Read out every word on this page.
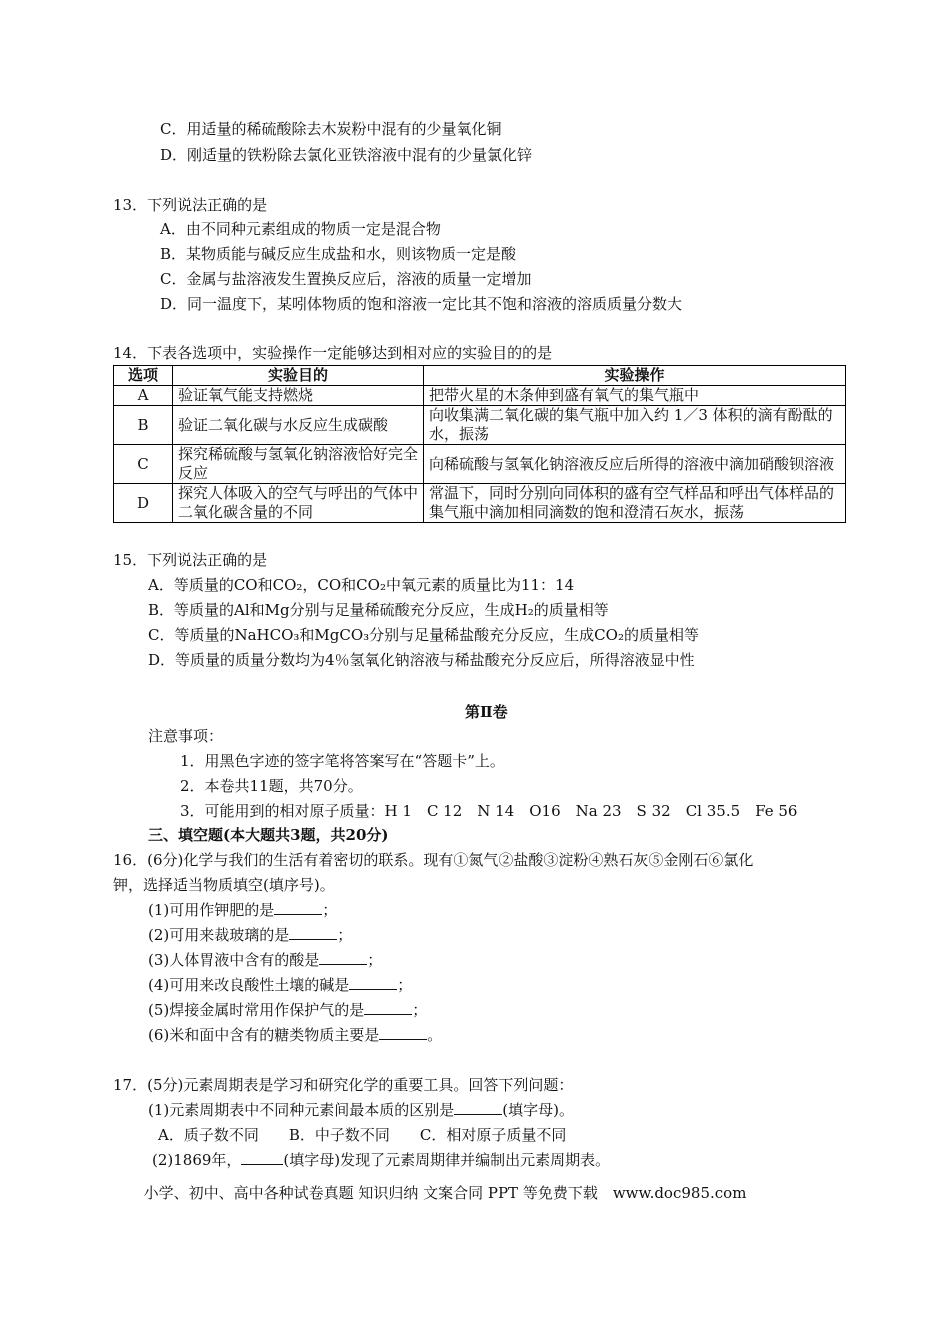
C．用适量的稀硫酸除去木炭粉中混有的少量氧化铜
D．刚适量的铁粉除去氯化亚铁溶液中混有的少量氯化锌
13．下列说法正确的是
A．由不同种元素组成的物质一定是混合物
B．某物质能与碱反应生成盐和水，则该物质一定是酸
C．金属与盐溶液发生置换反应后，溶液的质量一定增加
D．同一温度下，某吲体物质的饱和溶液一定比其不饱和溶液的溶质质量分数大
14．下表各选项中，实验操作一定能够达到相对应的实验目的的是
选项	实验目的	实验操作
A	验证氧气能支持燃烧	把带火星的木条伸到盛有氧气的集气瓶中
B	验证二氧化碳与水反应生成碳酸	向收集满二氧化碳的集气瓶中加入约 1／3 体积的滴有酚酞的水，振荡
C	探究稀硫酸与氢氧化钠溶液恰好完全反应	向稀硫酸与氢氧化钠溶液反应后所得的溶液中滴加硝酸钡溶液
D	探究人体吸入的空气与呼出的气体中二氧化碳含量的不同	常温下，同时分别向同体积的盛有空气样品和呼出气体样品的集气瓶中滴加相同滴数的饱和澄清石灰水，振荡
15．下列说法正确的是
A．等质量的CO和CO₂，CO和CO₂中氧元素的质量比为11：14
B．等质量的Al和Mg分别与足量稀硫酸充分反应，生成H₂的质量相等
C．等质量的NaHCO₃和MgCO₃分别与足量稀盐酸充分反应，生成CO₂的质量相等
D．等质量的质量分数均为4％氢氧化钠溶液与稀盐酸充分反应后，所得溶液显中性
第Ⅱ卷
注意事项：
1．用黑色字迹的签字笔将答案写在“答题卡”上。
2．本卷共11题，共70分。
3．可能用到的相对原子质量：H 1　C 12　N 14　O16　Na 23　S 32　Cl 35.5　Fe 56
三、填空题(本大题共3题，共20分)
16．(6分)化学与我们的生活有着密切的联系。现有①氮气②盐酸③淀粉④熟石灰⑤金刚石⑥氯化
钾，选择适当物质填空(填序号)。
(1)可用作钾肥的是	；
(2)可用来裁玻璃的是	；
(3)人体胃液中含有的酸是	；
(4)可用来改良酸性土壤的碱是	；
(5)焊接金属时常用作保护气的是	；
(6)米和面中含有的糖类物质主要是	。
17．(5分)元素周期表是学习和研究化学的重要工具。回答下列问题：
(1)元素周期表中不同种元素间最本质的区别是	(填字母)。
A．质子数不同　　B．中子数不同　　C．相对原子质量不同
(2)1869年，	(填字母)发现了元素周期律并编制出元素周期表。
小学、初中、高中各种试卷真题 知识归纳 文案合同 PPT 等免费下载　www.doc985.com
